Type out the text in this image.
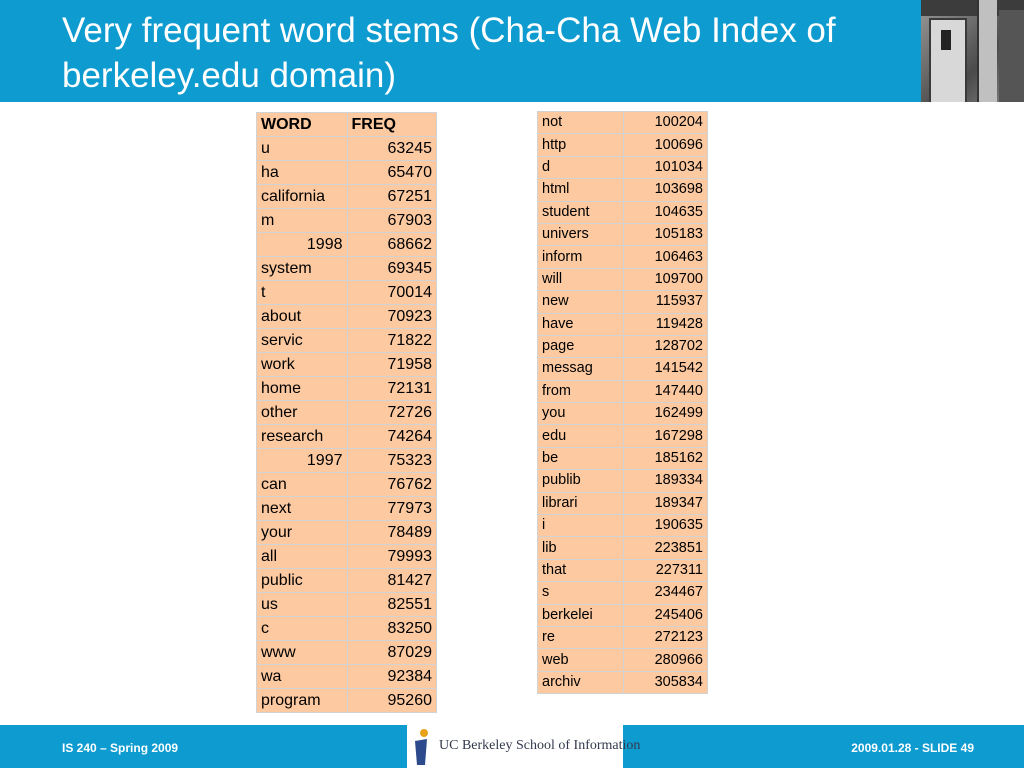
Very frequent word stems (Cha-Cha Web Index of berkeley.edu domain)
WORD	FREQ
u	63245
ha	65470
california	67251
m	67903
1998	68662
system	69345
t	70014
about	70923
servic	71822
work	71958
home	72131
other	72726
research	74264
1997	75323
can	76762
next	77973
your	78489
all	79993
public	81427
us	82551
c	83250
www	87029
wa	92384
program	95260
not	100204
http	100696
d	101034
html	103698
student	104635
univers	105183
inform	106463
will	109700
new	115937
have	119428
page	128702
messag	141542
from	147440
you	162499
edu	167298
be	185162
publib	189334
librari	189347
i	190635
lib	223851
that	227311
s	234467
berkelei	245406
re	272123
web	280966
archiv	305834
IS 240 – Spring 2009	2009.01.28 - SLIDE 49
UC Berkeley School of Information
